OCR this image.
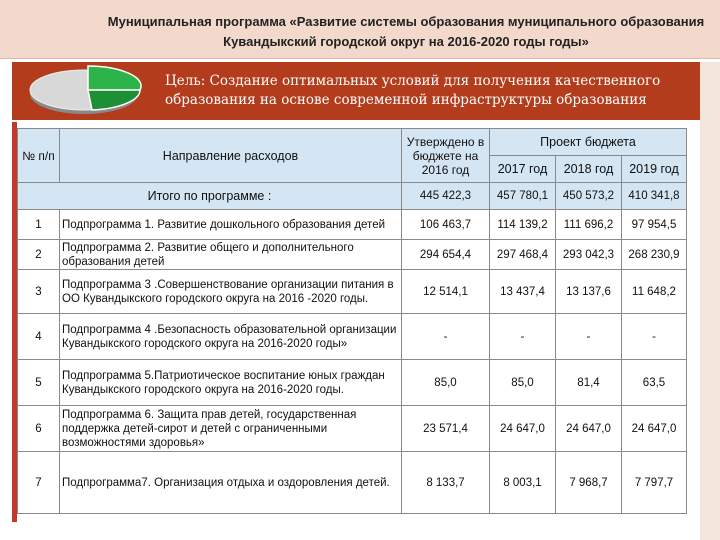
Муниципальная программа «Развитие системы образования муниципального образования
Кувандыкский городской округ на 2016-2020 годы годы»
Цель: Создание оптимальных условий для получения качественного образования на основе современной инфраструктуры образования
№ п/п	Направление расходов	Утверждено в бюджете на 2016 год	Проект бюджета		
			2017 год	2018 год	2019 год
Итого по программе :		445 422,3	457 780,1	450 573,2	410 341,8
1	Подпрограмма 1. Развитие дошкольного образования детей	106 463,7	114 139,2	111 696,2	97 954,5
2	Подпрограмма 2. Развитие общего и дополнительного образования детей	294 654,4	297 468,4	293 042,3	268 230,9
3	Подпрограмма 3 .Совершенствование организации питания в ОО Кувандыкского городского округа на 2016 -2020 годы.	12 514,1	13 437,4	13 137,6	11 648,2
4	Подпрограмма 4 .Безопасность образовательной организации Кувандыкского городского округа на 2016-2020 годы»	-	-	-	-
5	Подпрограмма 5.Патриотическое воспитание юных граждан Кувандыкского городского округа на 2016-2020 годы.	85,0	85,0	81,4	63,5
6	Подпрограмма 6. Защита прав детей, государственная поддержка детей-сирот и детей с ограниченными возможностями здоровья»	23 571,4	24 647,0	24 647,0	24 647,0
7	Подпрограмма7. Организация отдыха и оздоровления детей.	8 133,7	8 003,1	7 968,7	7 797,7
